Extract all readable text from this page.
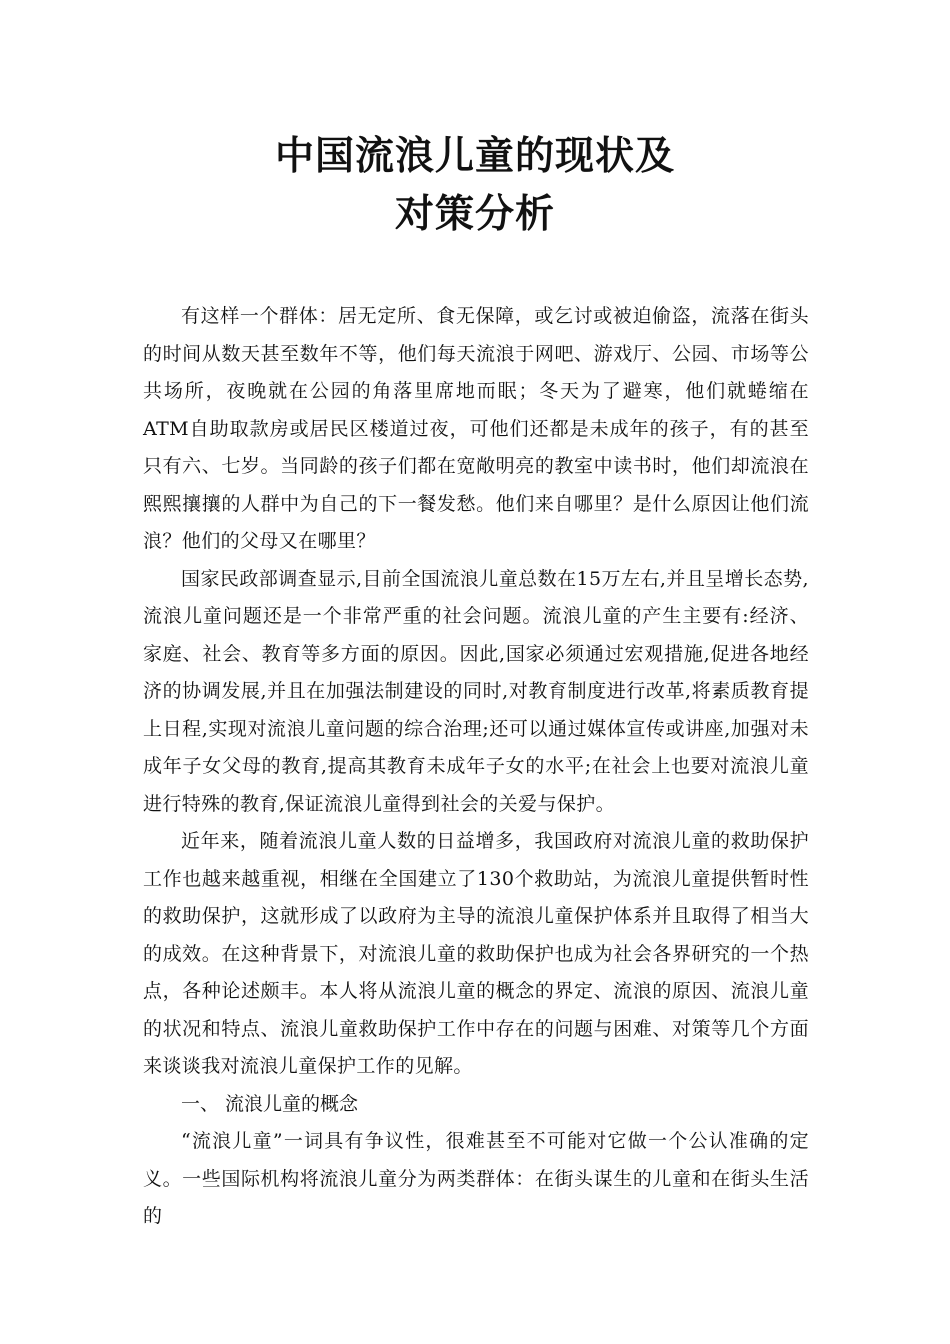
中国流浪儿童的现状及
对策分析

有这样一个群体：居无定所、食无保障，或乞讨或被迫偷盗，流落在街头的时间从数天甚至数年不等，他们每天流浪于网吧、游戏厅、公园、市场等公共场所，夜晚就在公园的角落里席地而眠；冬天为了避寒，他们就蜷缩在ATM自助取款房或居民区楼道过夜，可他们还都是未成年的孩子，有的甚至只有六、七岁。当同龄的孩子们都在宽敞明亮的教室中读书时，他们却流浪在熙熙攘攘的人群中为自己的下一餐发愁。他们来自哪里？是什么原因让他们流浪？他们的父母又在哪里？

国家民政部调查显示,目前全国流浪儿童总数在15万左右,并且呈增长态势,流浪儿童问题还是一个非常严重的社会问题。流浪儿童的产生主要有:经济、家庭、社会、教育等多方面的原因。因此,国家必须通过宏观措施,促进各地经济的协调发展,并且在加强法制建设的同时,对教育制度进行改革,将素质教育提上日程,实现对流浪儿童问题的综合治理;还可以通过媒体宣传或讲座,加强对未成年子女父母的教育,提高其教育未成年子女的水平;在社会上也要对流浪儿童进行特殊的教育,保证流浪儿童得到社会的关爱与保护。

近年来，随着流浪儿童人数的日益增多，我国政府对流浪儿童的救助保护工作也越来越重视，相继在全国建立了130个救助站，为流浪儿童提供暂时性的救助保护，这就形成了以政府为主导的流浪儿童保护体系并且取得了相当大的成效。在这种背景下，对流浪儿童的救助保护也成为社会各界研究的一个热点，各种论述颇丰。本人将从流浪儿童的概念的界定、流浪的原因、流浪儿童的状况和特点、流浪儿童救助保护工作中存在的问题与困难、对策等几个方面来谈谈我对流浪儿童保护工作的见解。

一、 流浪儿童的概念

“流浪儿童”一词具有争议性，很难甚至不可能对它做一个公认准确的定义。一些国际机构将流浪儿童分为两类群体：在街头谋生的儿童和在街头生活的
